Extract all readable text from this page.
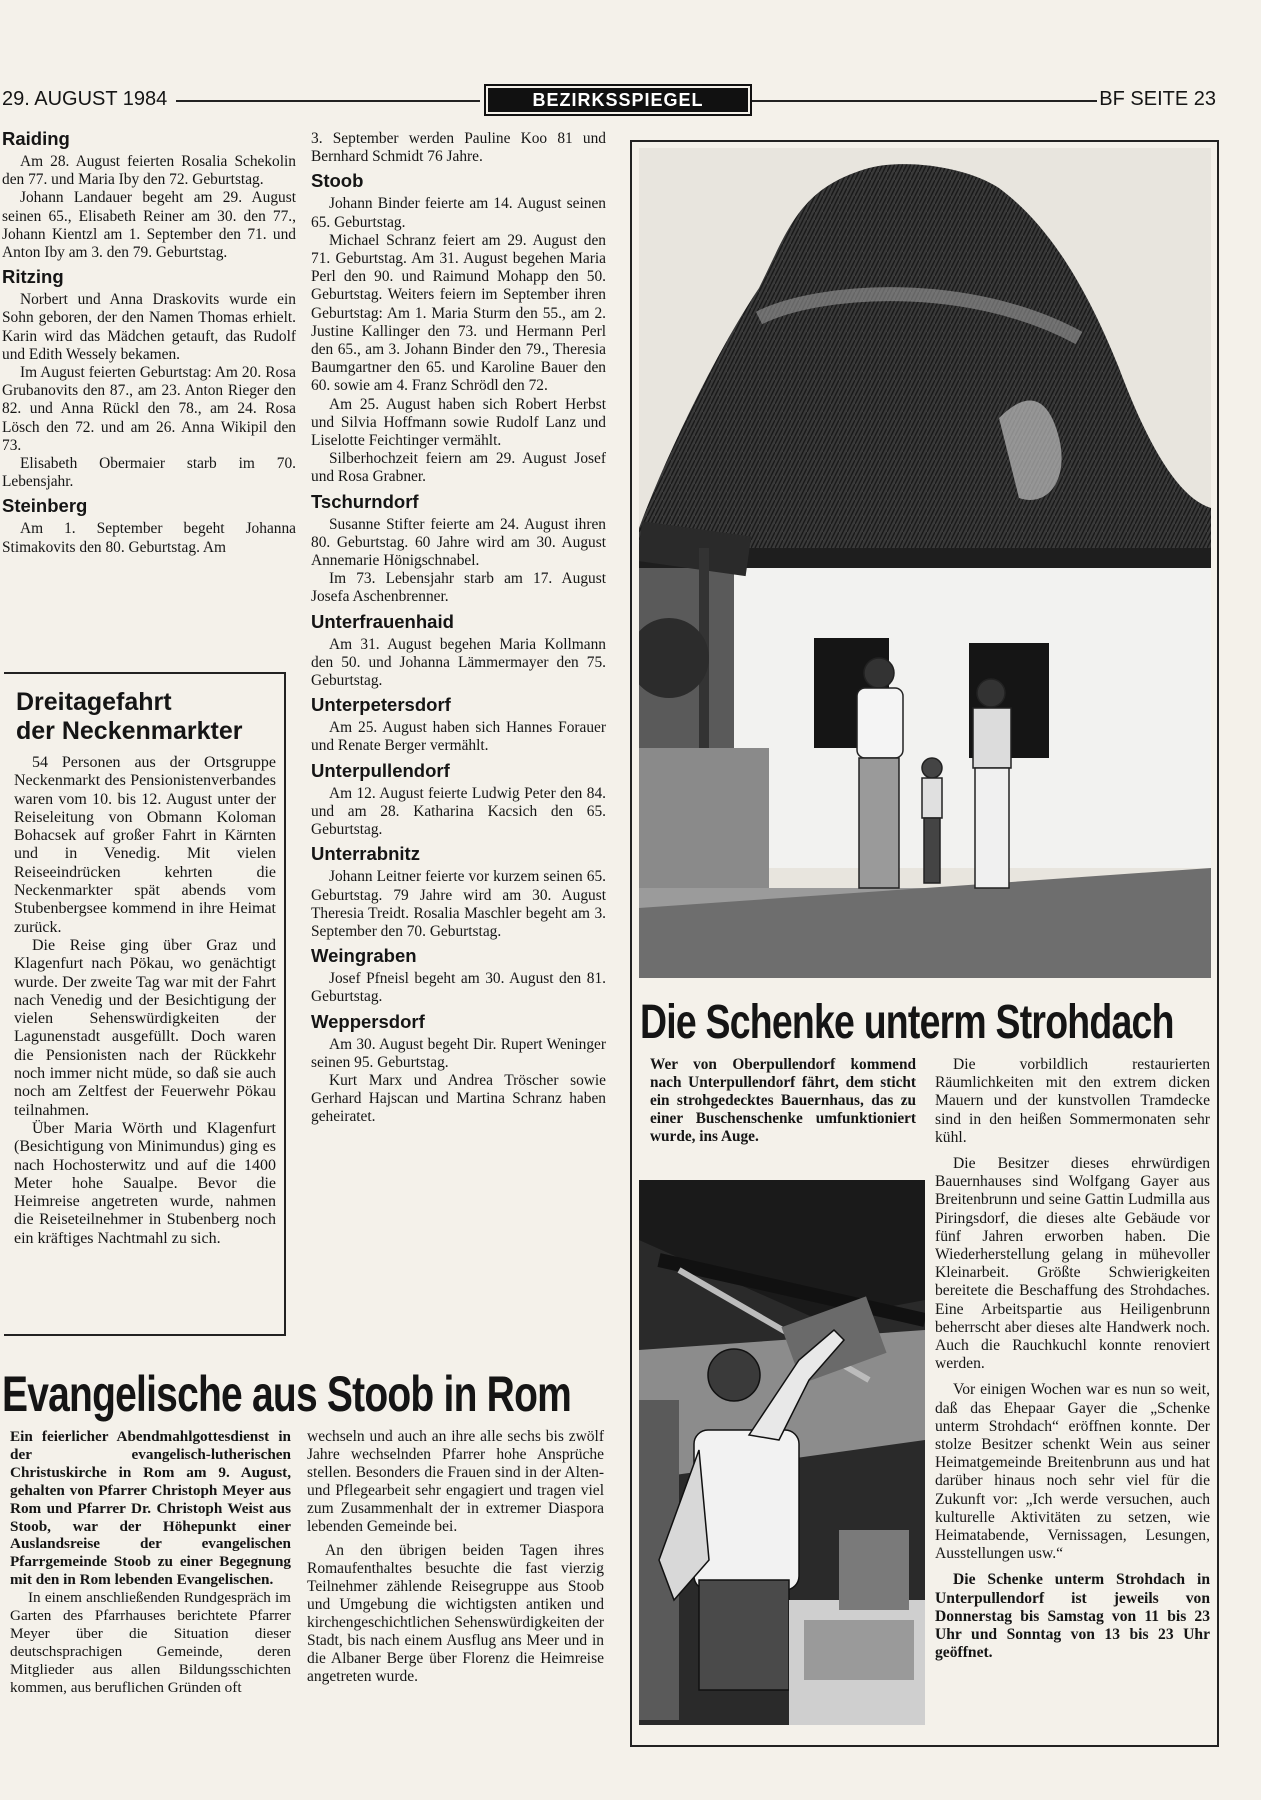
29. AUGUST 1984	BEZIRKSSPIEGEL	BF SEITE 23
Raiding

Am 28. August feierten Rosalia Schekolin den 77. und Maria Iby den 72. Geburtstag.

Johann Landauer begeht am 29. August seinen 65., Elisabeth Reiner am 30. den 77., Johann Kientzl am 1. September den 71. und Anton Iby am 3. den 79. Geburtstag.

Ritzing

Norbert und Anna Draskovits wurde ein Sohn geboren, der den Namen Thomas erhielt. Karin wird das Mädchen getauft, das Rudolf und Edith Wessely bekamen.

Im August feierten Geburtstag: Am 20. Rosa Grubanovits den 87., am 23. Anton Rieger den 82. und Anna Rückl den 78., am 24. Rosa Lösch den 72. und am 26. Anna Wikipil den 73.

Elisabeth Obermaier starb im 70. Lebensjahr.

Steinberg

Am 1. September begeht Johanna Stimakovits den 80. Geburtstag. Am

Dreitagefahrt
der Neckenmarkter

54 Personen aus der Ortsgruppe Neckenmarkt des Pensionistenverbandes waren vom 10. bis 12. August unter der Reiseleitung von Obmann Koloman Bohacsek auf großer Fahrt in Kärnten und in Venedig. Mit vielen Reiseeindrücken kehrten die Neckenmarkter spät abends vom Stubenbergsee kommend in ihre Heimat zurück.

Die Reise ging über Graz und Klagenfurt nach Pökau, wo genächtigt wurde. Der zweite Tag war mit der Fahrt nach Venedig und der Besichtigung der vielen Sehenswürdigkeiten der Lagunenstadt ausgefüllt. Doch waren die Pensionisten nach der Rückkehr noch immer nicht müde, so daß sie auch noch am Zeltfest der Feuerwehr Pökau teilnahmen.

Über Maria Wörth und Klagenfurt (Besichtigung von Minimundus) ging es nach Hochosterwitz und auf die 1400 Meter hohe Saualpe. Bevor die Heimreise angetreten wurde, nahmen die Reiseteilnehmer in Stubenberg noch ein kräftiges Nachtmahl zu sich.

3. September werden Pauline Koo 81 und Bernhard Schmidt 76 Jahre.

Stoob

Johann Binder feierte am 14. August seinen 65. Geburtstag.

Michael Schranz feiert am 29. August den 71. Geburtstag. Am 31. August begehen Maria Perl den 90. und Raimund Mohapp den 50. Geburtstag. Weiters feiern im September ihren Geburtstag: Am 1. Maria Sturm den 55., am 2. Justine Kallinger den 73. und Hermann Perl den 65., am 3. Johann Binder den 79., Theresia Baumgartner den 65. und Karoline Bauer den 60. sowie am 4. Franz Schrödl den 72.

Am 25. August haben sich Robert Herbst und Silvia Hoffmann sowie Rudolf Lanz und Liselotte Feichtinger vermählt.

Silberhochzeit feiern am 29. August Josef und Rosa Grabner.

Tschurndorf

Susanne Stifter feierte am 24. August ihren 80. Geburtstag. 60 Jahre wird am 30. August Annemarie Hönigschnabel.

Im 73. Lebensjahr starb am 17. August Josefa Aschenbrenner.

Unterfrauenhaid

Am 31. August begehen Maria Kollmann den 50. und Johanna Lämmermayer den 75. Geburtstag.

Unterpetersdorf

Am 25. August haben sich Hannes Forauer und Renate Berger vermählt.

Unterpullendorf

Am 12. August feierte Ludwig Peter den 84. und am 28. Katharina Kacsich den 65. Geburtstag.

Unterrabnitz

Johann Leitner feierte vor kurzem seinen 65. Geburtstag. 79 Jahre wird am 30. August Theresia Treidt. Rosalia Maschler begeht am 3. September den 70. Geburtstag.

Weingraben

Josef Pfneisl begeht am 30. August den 81. Geburtstag.

Weppersdorf

Am 30. August begeht Dir. Rupert Weninger seinen 95. Geburtstag.

Kurt Marx und Andrea Tröscher sowie Gerhard Hajscan und Martina Schranz haben geheiratet.

Evangelische aus Stoob in Rom

Ein feierlicher Abendmahlgottesdienst in der evangelisch-lutherischen Christuskirche in Rom am 9. August, gehalten von Pfarrer Christoph Meyer aus Rom und Pfarrer Dr. Christoph Weist aus Stoob, war der Höhepunkt einer Auslandsreise der evangelischen Pfarrgemeinde Stoob zu einer Begegnung mit den in Rom lebenden Evangelischen.

In einem anschließenden Rundgespräch im Garten des Pfarrhauses berichtete Pfarrer Meyer über die Situation dieser deutschsprachigen Gemeinde, deren Mitglieder aus allen Bildungsschichten kommen, aus beruflichen Gründen oft

wechseln und auch an ihre alle sechs bis zwölf Jahre wechselnden Pfarrer hohe Ansprüche stellen. Besonders die Frauen sind in der Alten- und Pflegearbeit sehr engagiert und tragen viel zum Zusammenhalt der in extremer Diaspora lebenden Gemeinde bei.

An den übrigen beiden Tagen ihres Romaufenthaltes besuchte die fast vierzig Teilnehmer zählende Reisegruppe aus Stoob und Umgebung die wichtigsten antiken und kirchengeschichtlichen Sehenswürdigkeiten der Stadt, bis nach einem Ausflug ans Meer und in die Albaner Berge über Florenz die Heimreise angetreten wurde.

Die Schenke unterm Strohdach

Wer von Oberpullendorf kommend nach Unterpullendorf fährt, dem sticht ein strohgedecktes Bauernhaus, das zu einer Buschenschenke umfunktioniert wurde, ins Auge.

Die vorbildlich restaurierten Räumlichkeiten mit den extrem dicken Mauern und der kunstvollen Tramdecke sind in den heißen Sommermonaten sehr kühl.

Die Besitzer dieses ehrwürdigen Bauernhauses sind Wolfgang Gayer aus Breitenbrunn und seine Gattin Ludmilla aus Piringsdorf, die dieses alte Gebäude vor fünf Jahren erworben haben. Die Wiederherstellung gelang in mühevoller Kleinarbeit. Größte Schwierigkeiten bereitete die Beschaffung des Strohdaches. Eine Arbeitspartie aus Heiligenbrunn beherrscht aber dieses alte Handwerk noch. Auch die Rauchkuchl konnte renoviert werden.

Vor einigen Wochen war es nun so weit, daß das Ehepaar Gayer die „Schenke unterm Strohdach“ eröffnen konnte. Der stolze Besitzer schenkt Wein aus seiner Heimatgemeinde Breitenbrunn aus und hat darüber hinaus noch sehr viel für die Zukunft vor: „Ich werde versuchen, auch kulturelle Aktivitäten zu setzen, wie Heimatabende, Vernissagen, Lesungen, Ausstellungen usw.“

Die Schenke unterm Strohdach in Unterpullendorf ist jeweils von Donnerstag bis Samstag von 11 bis 23 Uhr und Sonntag von 13 bis 23 Uhr geöffnet.
